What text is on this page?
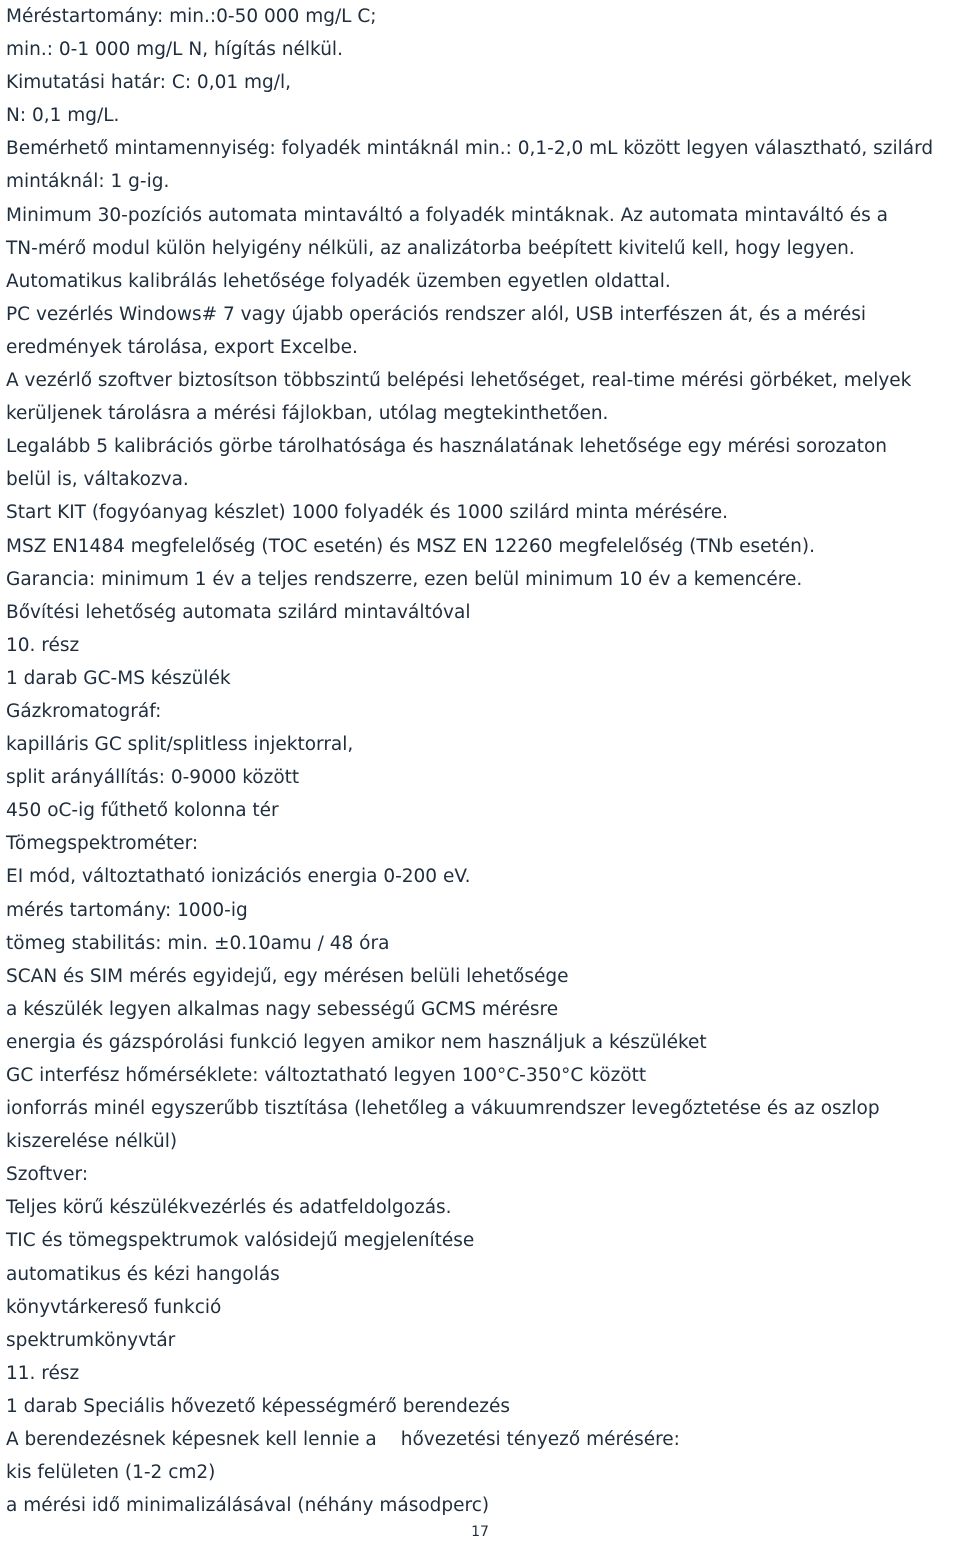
Méréstartomány: min.:0-50 000 mg/L C;
min.: 0-1 000 mg/L N, hígítás nélkül.
Kimutatási határ: C: 0,01 mg/l,
N: 0,1 mg/L.
Bemérhető mintamennyiség: folyadék mintáknál min.: 0,1-2,0 mL között legyen választható, szilárd
mintáknál: 1 g-ig.
Minimum 30-pozíciós automata mintaváltó a folyadék mintáknak. Az automata mintaváltó és a
TN-mérő modul külön helyigény nélküli, az analizátorba beépített kivitelű kell, hogy legyen.
Automatikus kalibrálás lehetősége folyadék üzemben egyetlen oldattal.
PC vezérlés Windows# 7 vagy újabb operációs rendszer alól, USB interfészen át, és a mérési
eredmények tárolása, export Excelbe.
A vezérlő szoftver biztosítson többszintű belépési lehetőséget, real-time mérési görbéket, melyek
kerüljenek tárolásra a mérési fájlokban, utólag megtekinthetően.
Legalább 5 kalibrációs görbe tárolhatósága és használatának lehetősége egy mérési sorozaton
belül is, váltakozva.
Start KIT (fogyóanyag készlet) 1000 folyadék és 1000 szilárd minta mérésére.
MSZ EN1484 megfelelőség (TOC esetén) és MSZ EN 12260 megfelelőség (TNb esetén).
Garancia: minimum 1 év a teljes rendszerre, ezen belül minimum 10 év a kemencére.
Bővítési lehetőség automata szilárd mintaváltóval
10. rész
1 darab GC-MS készülék
Gázkromatográf:
kapilláris GC split/splitless injektorral,
split arányállítás: 0-9000 között
450 oC-ig fűthető kolonna tér
Tömegspektrométer:
EI mód, változtatható ionizációs energia 0-200 eV.
mérés tartomány: 1000-ig
tömeg stabilitás: min. ±0.10amu / 48 óra
SCAN és SIM mérés egyidejű, egy mérésen belüli lehetősége
a készülék legyen alkalmas nagy sebességű GCMS mérésre
energia és gázspórolási funkció legyen amikor nem használjuk a készüléket
GC interfész hőmérséklete: változtatható legyen 100°C-350°C között
ionforrás minél egyszerűbb tisztítása (lehetőleg a vákuumrendszer levegőztetése és az oszlop
kiszerelése nélkül)
Szoftver:
Teljes körű készülékvezérlés és adatfeldolgozás.
TIC és tömegspektrumok valósidejű megjelenítése
automatikus és kézi hangolás
könyvtárkereső funkció
spektrumkönyvtár
11. rész
1 darab Speciális hővezető képességmérő berendezés
A berendezésnek képesnek kell lennie a hővezetési tényező mérésére:
kis felületen (1-2 cm2)
a mérési idő minimalizálásával (néhány másodperc)
17
